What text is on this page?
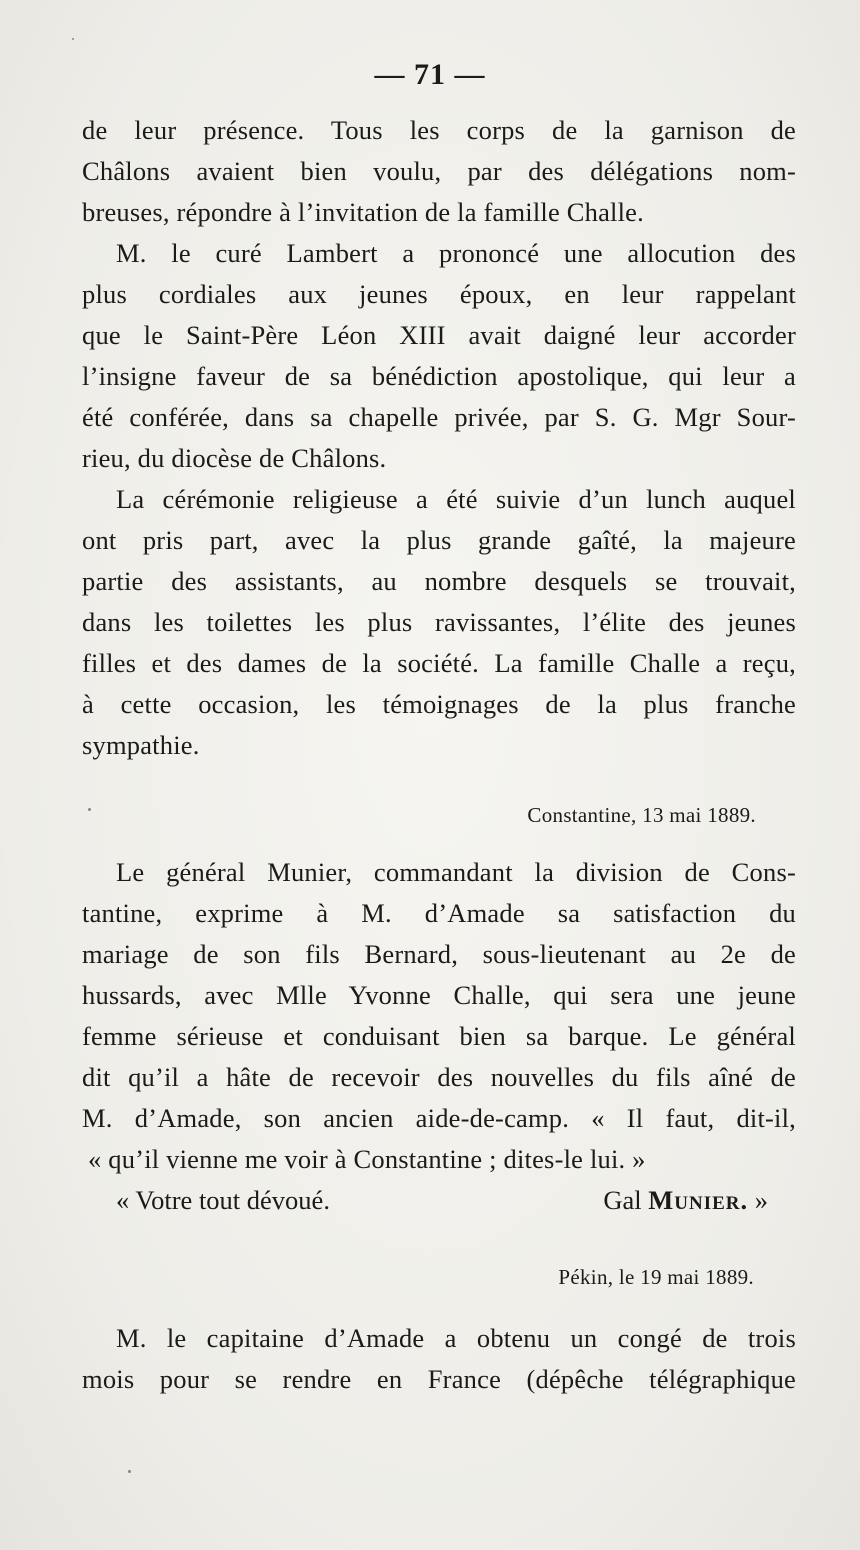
— 71 —
de leur présence. Tous les corps de la garnison de
Châlons avaient bien voulu, par des délégations nom-
breuses, répondre à l’invitation de la famille Challe.
M. le curé Lambert a prononcé une allocution des
plus cordiales aux jeunes époux, en leur rappelant
que le Saint-Père Léon XIII avait daigné leur accorder
l’insigne faveur de sa bénédiction apostolique, qui leur a
été conférée, dans sa chapelle privée, par S. G. Mgr Sour-
rieu, du diocèse de Châlons.
La cérémonie religieuse a été suivie d’un lunch auquel
ont pris part, avec la plus grande gaîté, la majeure
partie des assistants, au nombre desquels se trouvait,
dans les toilettes les plus ravissantes, l’élite des jeunes
filles et des dames de la société. La famille Challe a reçu,
à cette occasion, les témoignages de la plus franche
sympathie.
Constantine, 13 mai 1889.
Le général Munier, commandant la division de Cons-
tantine, exprime à M. d’Amade sa satisfaction du
mariage de son fils Bernard, sous-lieutenant au 2e de
hussards, avec Mlle Yvonne Challe, qui sera une jeune
femme sérieuse et conduisant bien sa barque. Le général
dit qu’il a hâte de recevoir des nouvelles du fils aîné de
M. d’Amade, son ancien aide-de-camp. « Il faut, dit-il,
« qu’il vienne me voir à Constantine ; dites-le lui. »
« Votre tout dévoué.	Gal Munier. »
Pékin, le 19 mai 1889.
M. le capitaine d’Amade a obtenu un congé de trois
mois pour se rendre en France (dépêche télégraphique
